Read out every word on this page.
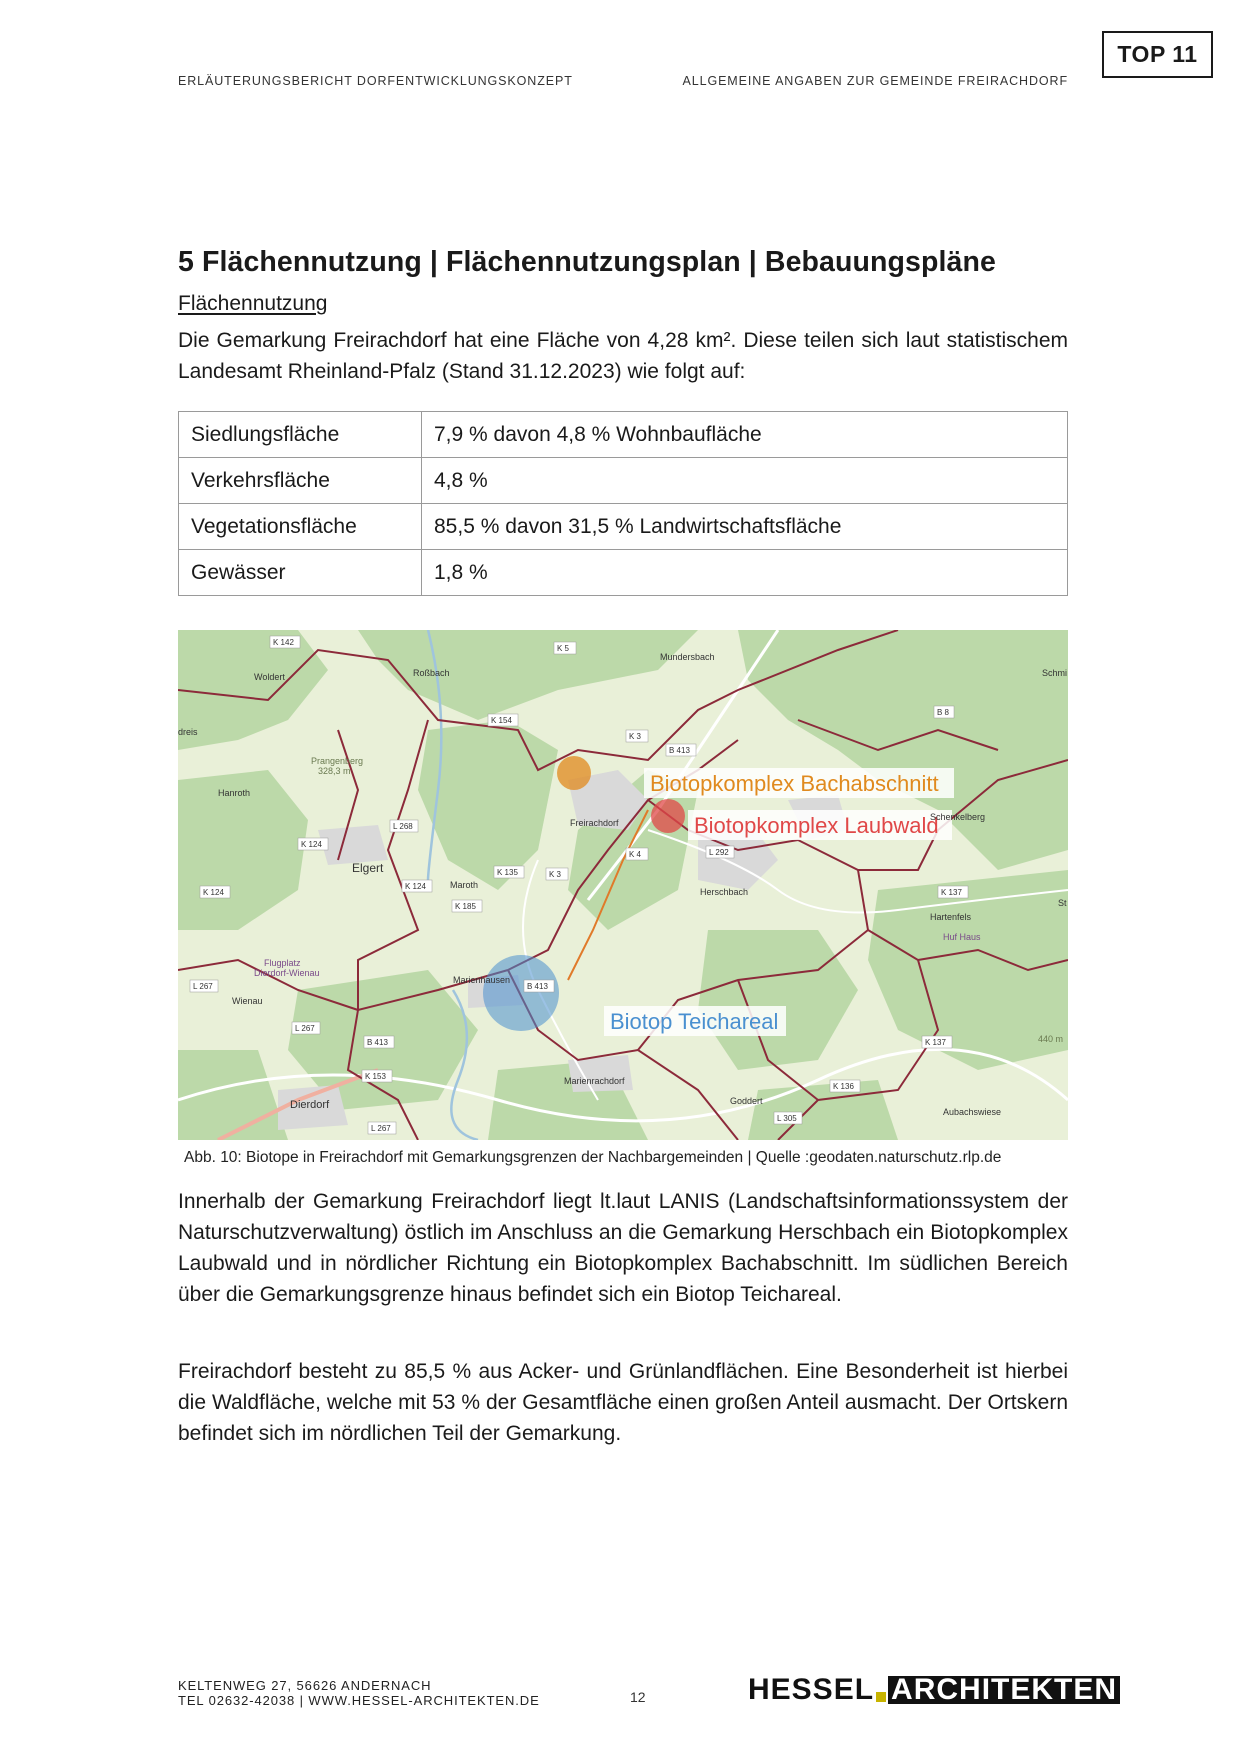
TOP 11
ERLÄUTERUNGSBERICHT DORFENTWICKLUNGSKONZEPT	ALLGEMEINE ANGABEN ZUR GEMEINDE FREIRACHDORF
5 Flächennutzung | Flächennutzungsplan | Bebauungspläne
Flächennutzung
Die Gemarkung Freirachdorf hat eine Fläche von 4,28 km². Diese teilen sich laut statistischem Landesamt Rheinland-Pfalz (Stand 31.12.2023) wie folgt auf:
Siedlungsfläche	7,9 % davon 4,8 % Wohnbaufläche
Verkehrsfläche	4,8 %
Vegetationsfläche	85,5 % davon 31,5 % Landwirtschaftsfläche
Gewässer	1,8 %
Biotopkomplex Bachabschnitt
Biotopkomplex Laubwald
Biotop Teichareal
Woldert	Roßbach
Mundersbach
Hanroth
Prangenberg
328,3 m
Freirachdorf
Schenkelberg
Elgert
Maroth
Herschbach
Hartenfels
Huf Haus
Flugplatz
Dierdorf-Wienau
Wienau
Marienhausen
Marienrachdorf
Goddert
Dierdorf
Aubachswiese
Schmi
dreis
St
440 m
K 142
K 5
B 8
K 154
K 3
B 413
L 268
K 124
K 4	L 292
K 135	K 3
K 124
K 124
K 185
K 137
L 267	B 413
L 267
B 413	K 137
K 153
K 136
L 305
L 267
Abb. 10: Biotope in Freirachdorf mit Gemarkungsgrenzen der Nachbargemeinden | Quelle :geodaten.naturschutz.rlp.de
Innerhalb der Gemarkung Freirachdorf liegt lt.laut LANIS (Landschaftsinformationssystem der Naturschutzverwaltung) östlich im Anschluss an die Gemarkung Herschbach ein Biotopkomplex Laubwald und in nördlicher Richtung ein Biotopkomplex Bachabschnitt. Im südlichen Bereich über die Gemarkungsgrenze hinaus befindet sich ein Biotop Teichareal.
Freirachdorf besteht zu 85,5 % aus Acker- und Grünlandflächen. Eine Besonderheit ist hierbei die Waldfläche, welche mit 53 % der Gesamtfläche einen großen Anteil ausmacht. Der Ortskern befindet sich im nördlichen Teil der Gemarkung.
KELTENWEG 27, 56626 ANDERNACH
TEL 02632-42038 | WWW.HESSEL-ARCHITEKTEN.DE	12	HESSEL ARCHITEKTEN
